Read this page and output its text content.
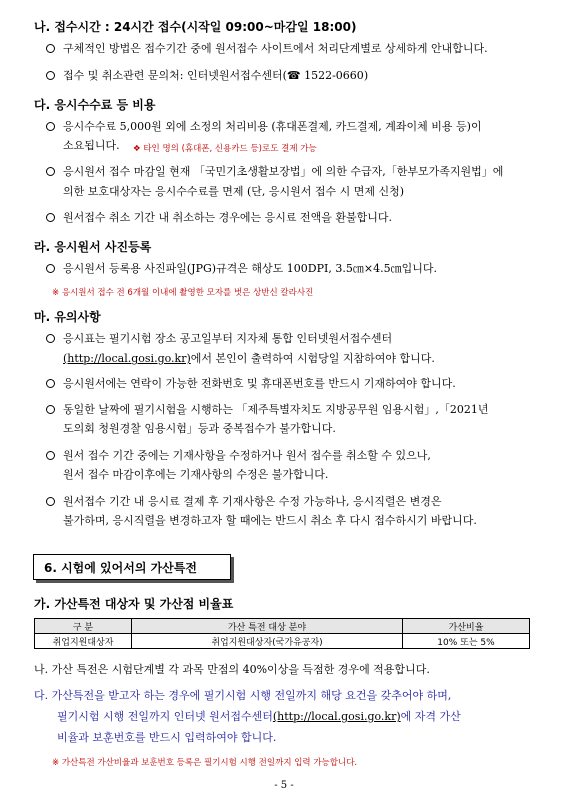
나. 접수시간 : 24시간 접수(시작일 09:00~마감일 18:00)
구체적인 방법은 접수기간 중에 원서접수 사이트에서 처리단계별로 상세하게 안내합니다.
접수 및 취소관련 문의처: 인터넷원서접수센터(☎ 1522-0660)
다. 응시수수료 등 비용
응시수수료 5,000원 외에 소정의 처리비용 (휴대폰결제, 카드결제, 계좌이체 비용 등)이
소요됩니다. ❖ 타인 명의 (휴대폰, 신용카드 등)로도 결제 가능
응시원서 접수 마감일 현재 「국민기초생활보장법」에 의한 수급자,「한부모가족지원법」에
의한 보호대상자는 응시수수료를 면제 (단, 응시원서 접수 시 면제 신청)
원서접수 취소 기간 내 취소하는 경우에는 응시료 전액을 환불합니다.
라. 응시원서 사진등록
응시원서 등록용 사진파일(JPG)규격은 해상도 100DPI, 3.5㎝×4.5㎝입니다.
※ 응시원서 접수 전 6개월 이내에 촬영한 모자를 벗은 상반신 칼라사진
마. 유의사항
응시표는 필기시험 장소 공고일부터 지자체 통합 인터넷원서접수센터
(http://local.gosi.go.kr)에서 본인이 출력하여 시험당일 지참하여야 합니다.
응시원서에는 연락이 가능한 전화번호 및 휴대폰번호를 반드시 기재하여야 합니다.
동일한 날짜에 필기시험을 시행하는 「제주특별자치도 지방공무원 임용시험」,「2021년
도의회 청원경찰 임용시험」등과 중복접수가 불가합니다.
원서 접수 기간 중에는 기재사항을 수정하거나 원서 접수를 취소할 수 있으나,
원서 접수 마감이후에는 기재사항의 수정은 불가합니다.
원서접수 기간 내 응시료 결제 후 기재사항은 수정 가능하나, 응시직렬은 변경은
불가하며, 응시직렬을 변경하고자 할 때에는 반드시 취소 후 다시 접수하시기 바랍니다.
6. 시험에 있어서의 가산특전
가. 가산특전 대상자 및 가산점 비율표
구 분	가산 특전 대상 분야	가산비율
취업지원대상자	취업지원대상자(국가유공자)	10% 또는 5%
나. 가산 특전은 시험단계별 각 과목 만점의 40%이상을 득점한 경우에 적용합니다.
다. 가산특전을 받고자 하는 경우에 필기시험 시행 전일까지 해당 요건을 갖추어야 하며,
필기시험 시행 전일까지 인터넷 원서접수센터(http://local.gosi.go.kr)에 자격 가산
비율과 보훈번호를 반드시 입력하여야 합니다.
※ 가산특전 가산비율과 보훈번호 등록은 필기시험 시행 전일까지 입력 가능합니다.
- 5 -
